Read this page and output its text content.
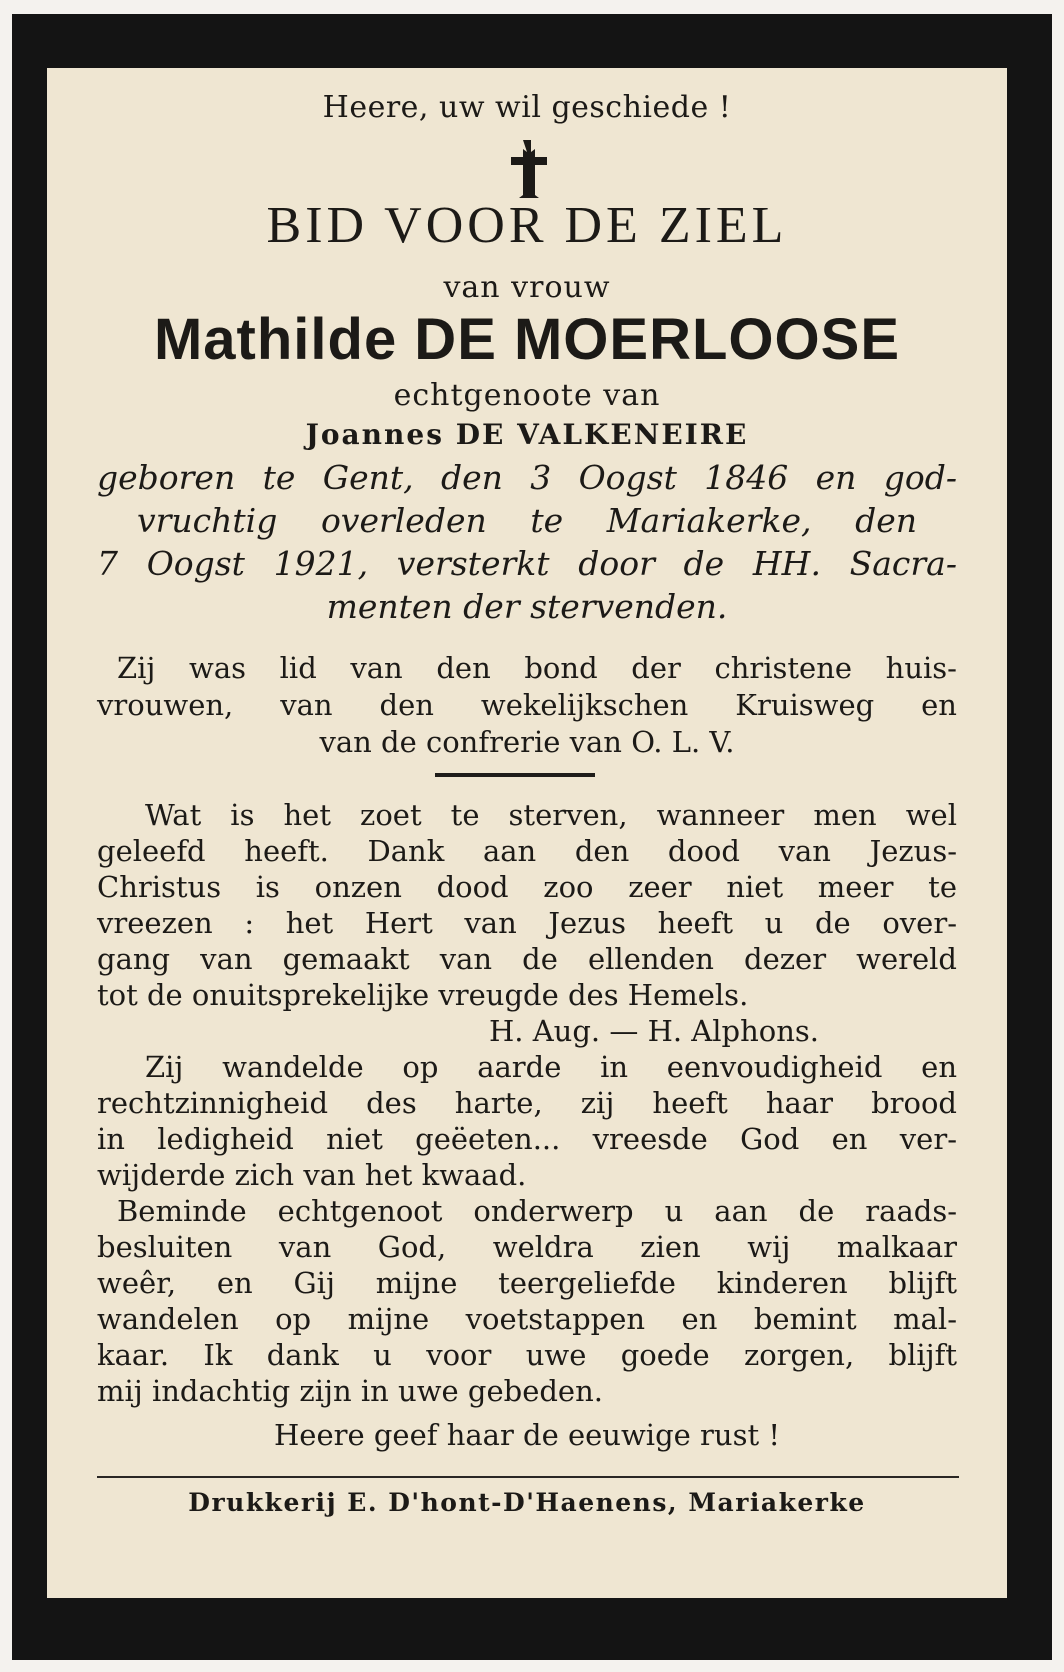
Heere, uw wil geschiede !
BID VOOR DE ZIEL
van vrouw
Mathilde DE MOERLOOSE
echtgenoote van
Joannes DE VALKENEIRE
geboren te Gent, den 3 Oogst 1846 en god-
vruchtig overleden te Mariakerke, den
7 Oogst 1921, versterkt door de HH. Sacra-
menten der stervenden.
Zij was lid van den bond der christene huis-
vrouwen, van den wekelijkschen Kruisweg en
van de confrerie van O. L. V.
Wat is het zoet te sterven, wanneer men wel
geleefd heeft. Dank aan den dood van Jezus-
Christus is onzen dood zoo zeer niet meer te
vreezen : het Hert van Jezus heeft u de over-
gang van gemaakt van de ellenden dezer wereld
tot de onuitsprekelijke vreugde des Hemels.
H. Aug. — H. Alphons.
Zij wandelde op aarde in eenvoudigheid en
rechtzinnigheid des harte, zij heeft haar brood
in ledigheid niet geëeten... vreesde God en ver-
wijderde zich van het kwaad.
Beminde echtgenoot onderwerp u aan de raads-
besluiten van God, weldra zien wij malkaar
weêr, en Gij mijne teergeliefde kinderen blijft
wandelen op mijne voetstappen en bemint mal-
kaar. Ik dank u voor uwe goede zorgen, blijft
mij indachtig zijn in uwe gebeden.
Heere geef haar de eeuwige rust !
Drukkerij E. D'hont-D'Haenens, Mariakerke
